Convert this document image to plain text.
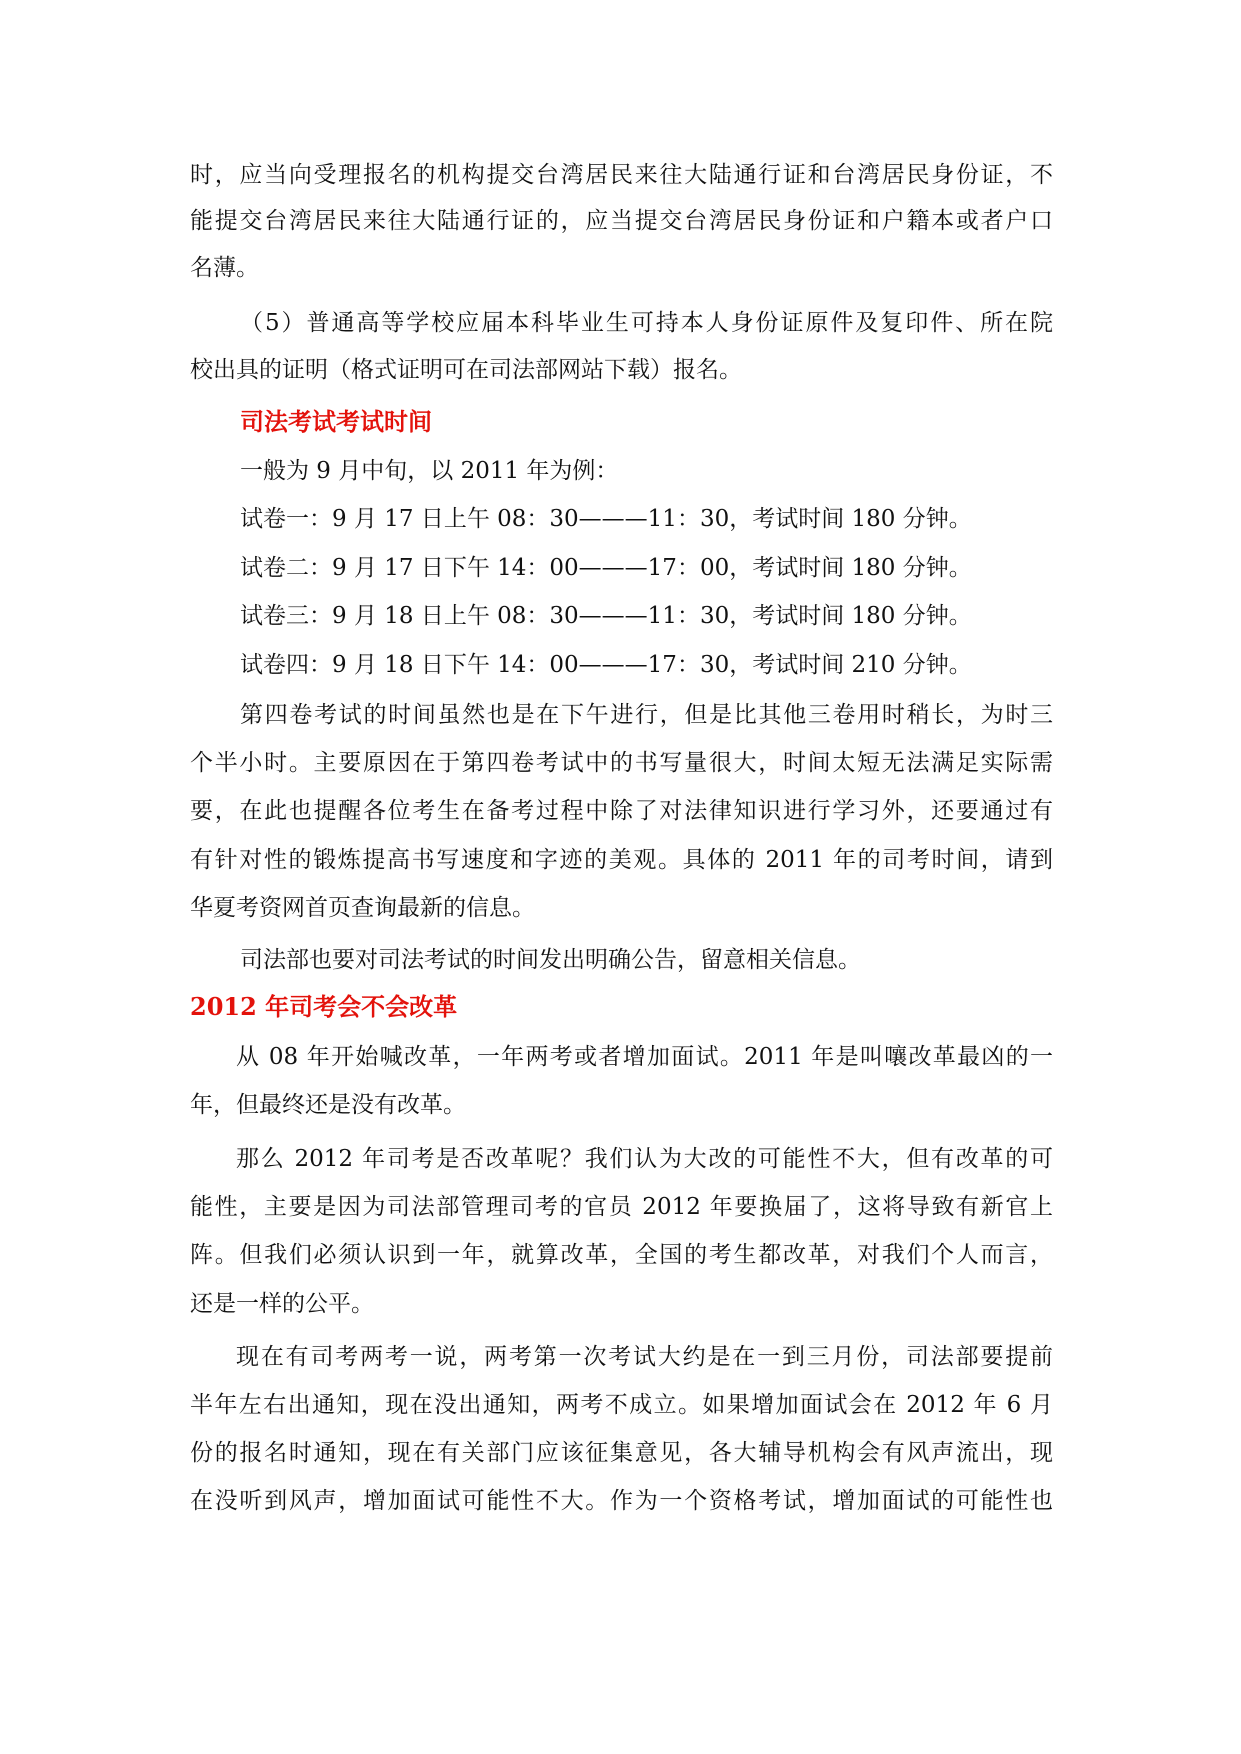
时，应当向受理报名的机构提交台湾居民来往大陆通行证和台湾居民身份证，不
能提交台湾居民来往大陆通行证的，应当提交台湾居民身份证和户籍本或者户口
名薄。
（5）普通高等学校应届本科毕业生可持本人身份证原件及复印件、所在院
校出具的证明（格式证明可在司法部网站下载）报名。
司法考试考试时间
一般为 9 月中旬，以 2011 年为例：
试卷一：9 月 17 日上午 08：30———11：30，考试时间 180 分钟。
试卷二：9 月 17 日下午 14：00———17：00，考试时间 180 分钟。
试卷三：9 月 18 日上午 08：30———11：30，考试时间 180 分钟。
试卷四：9 月 18 日下午 14：00———17：30，考试时间 210 分钟。
第四卷考试的时间虽然也是在下午进行，但是比其他三卷用时稍长，为时三
个半小时。主要原因在于第四卷考试中的书写量很大，时间太短无法满足实际需
要，在此也提醒各位考生在备考过程中除了对法律知识进行学习外，还要通过有
有针对性的锻炼提高书写速度和字迹的美观。具体的 2011 年的司考时间，请到
华夏考资网首页查询最新的信息。
司法部也要对司法考试的时间发出明确公告，留意相关信息。
2012 年司考会不会改革
从 08 年开始喊改革，一年两考或者增加面试。2011 年是叫嚷改革最凶的一
年，但最终还是没有改革。
那么 2012 年司考是否改革呢？我们认为大改的可能性不大，但有改革的可
能性，主要是因为司法部管理司考的官员 2012 年要换届了，这将导致有新官上
阵。但我们必须认识到一年，就算改革，全国的考生都改革，对我们个人而言，
还是一样的公平。
现在有司考两考一说，两考第一次考试大约是在一到三月份，司法部要提前
半年左右出通知，现在没出通知，两考不成立。如果增加面试会在 2012 年 6 月
份的报名时通知，现在有关部门应该征集意见，各大辅导机构会有风声流出，现
在没听到风声，增加面试可能性不大。作为一个资格考试，增加面试的可能性也
